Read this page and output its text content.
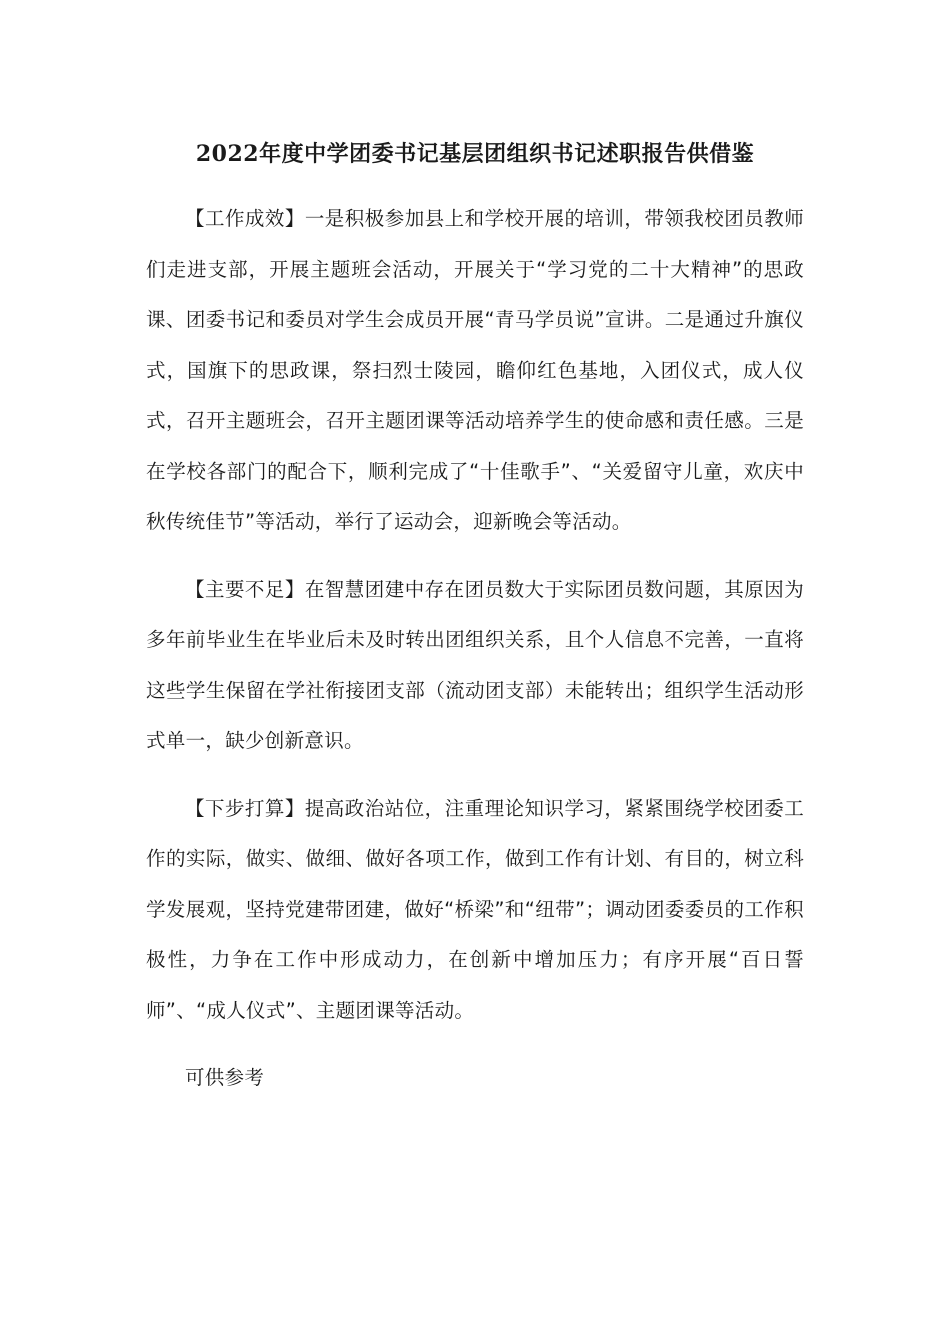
2022年度中学团委书记基层团组织书记述职报告供借鉴

【工作成效】一是积极参加县上和学校开展的培训，带领我校团员教师们走进支部，开展主题班会活动，开展关于“学习党的二十大精神”的思政课、团委书记和委员对学生会成员开展“青马学员说”宣讲。二是通过升旗仪式，国旗下的思政课，祭扫烈士陵园，瞻仰红色基地，入团仪式，成人仪式，召开主题班会，召开主题团课等活动培养学生的使命感和责任感。三是在学校各部门的配合下，顺利完成了“十佳歌手”、“关爱留守儿童，欢庆中秋传统佳节”等活动，举行了运动会，迎新晚会等活动。

【主要不足】在智慧团建中存在团员数大于实际团员数问题，其原因为多年前毕业生在毕业后未及时转出团组织关系，且个人信息不完善，一直将这些学生保留在学社衔接团支部（流动团支部）未能转出；组织学生活动形式单一，缺少创新意识。

【下步打算】提高政治站位，注重理论知识学习，紧紧围绕学校团委工作的实际，做实、做细、做好各项工作，做到工作有计划、有目的，树立科学发展观，坚持党建带团建，做好“桥梁”和“纽带”；调动团委委员的工作积极性，力争在工作中形成动力，在创新中增加压力；有序开展“百日誓师”、“成人仪式”、主题团课等活动。

可供参考
